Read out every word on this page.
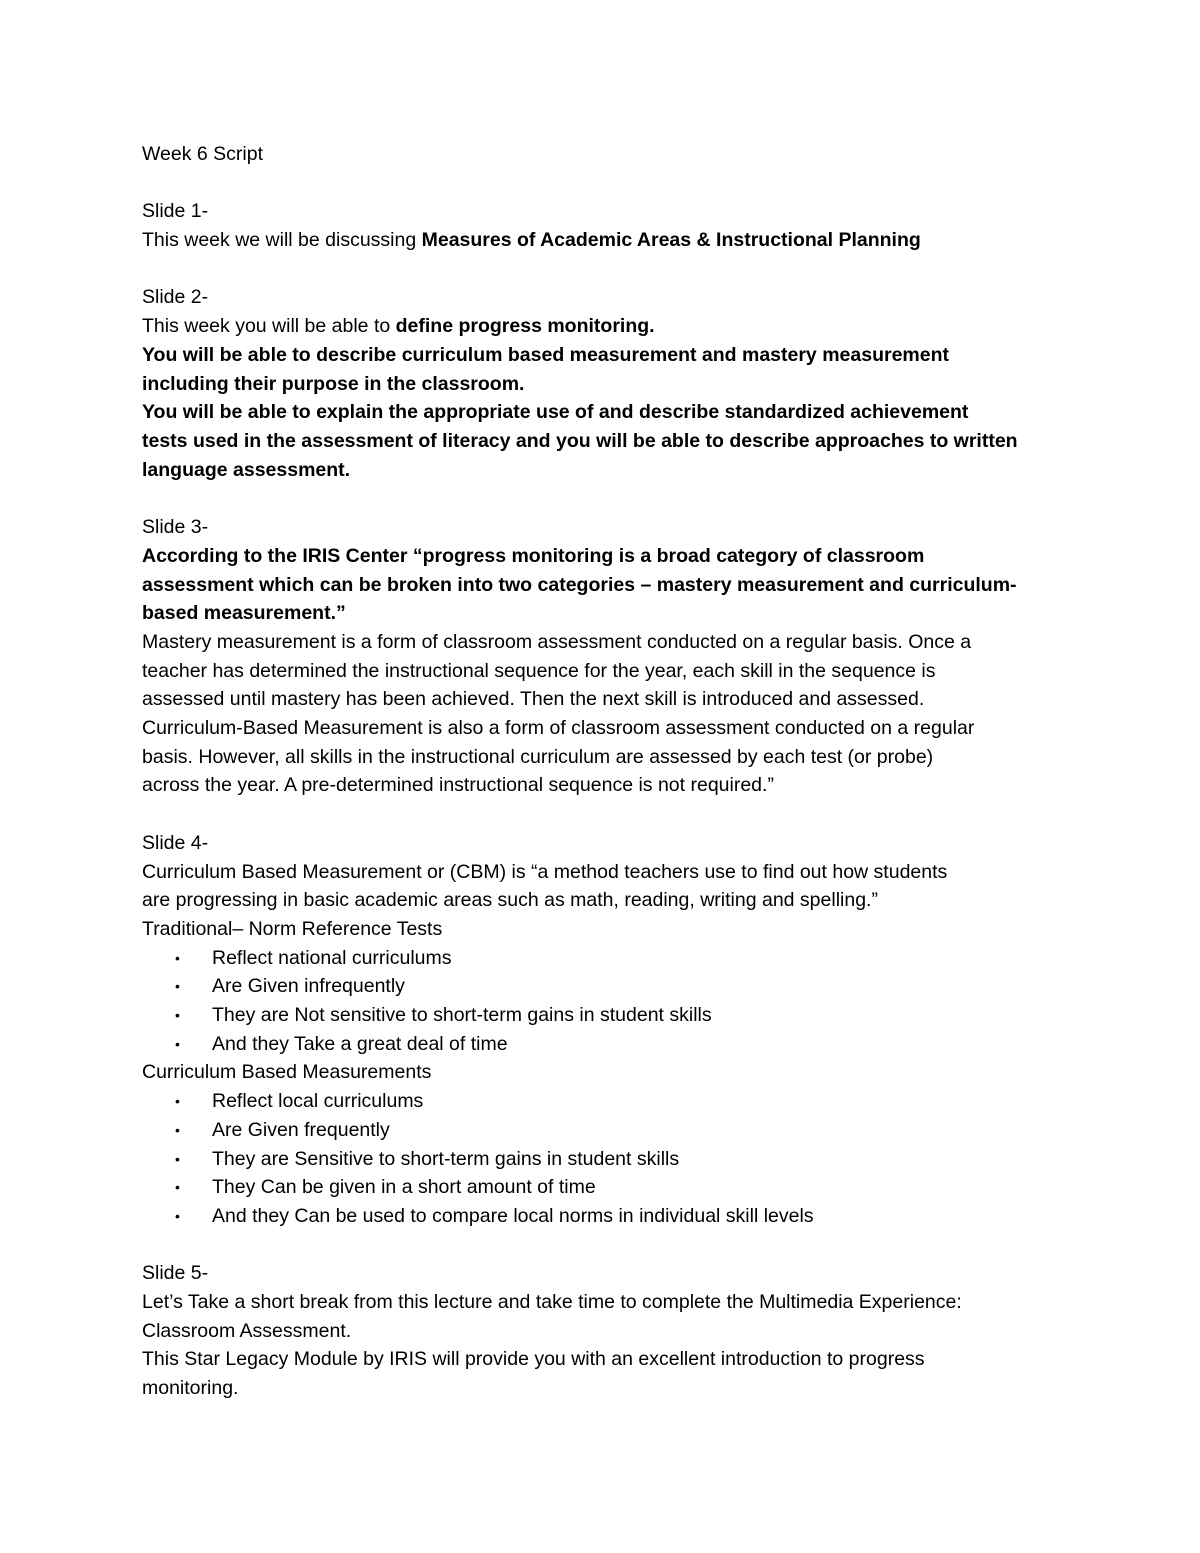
Week 6 Script
Slide 1-
This week we will be discussing Measures of Academic Areas & Instructional Planning
Slide 2-
This week you will be able to define progress monitoring.
You will be able to describe curriculum based measurement and mastery measurement
including their purpose in the classroom.
You will be able to explain the appropriate use of and describe standardized achievement
tests used in the assessment of literacy and you will be able to describe approaches to written
language assessment.
Slide 3-
According to the IRIS Center “progress monitoring is a broad category of classroom
assessment which can be broken into two categories – mastery measurement and curriculum-
based measurement.”
Mastery measurement is a form of classroom assessment conducted on a regular basis. Once a
teacher has determined the instructional sequence for the year, each skill in the sequence is
assessed until mastery has been achieved. Then the next skill is introduced and assessed.
Curriculum-Based Measurement is also a form of classroom assessment conducted on a regular
basis. However, all skills in the instructional curriculum are assessed by each test (or probe)
across the year. A pre-determined instructional sequence is not required.”
Slide 4-
Curriculum Based Measurement or (CBM) is “a method teachers use to find out how students
are progressing in basic academic areas such as math, reading, writing and spelling.”
Traditional– Norm Reference Tests
• Reflect national curriculums
• Are Given infrequently
• They are Not sensitive to short-term gains in student skills
• And they Take a great deal of time
Curriculum Based Measurements
• Reflect local curriculums
• Are Given frequently
• They are Sensitive to short-term gains in student skills
• They Can be given in a short amount of time
• And they Can be used to compare local norms in individual skill levels
Slide 5-
Let’s Take a short break from this lecture and take time to complete the Multimedia Experience:
Classroom Assessment.
This Star Legacy Module by IRIS will provide you with an excellent introduction to progress
monitoring.
